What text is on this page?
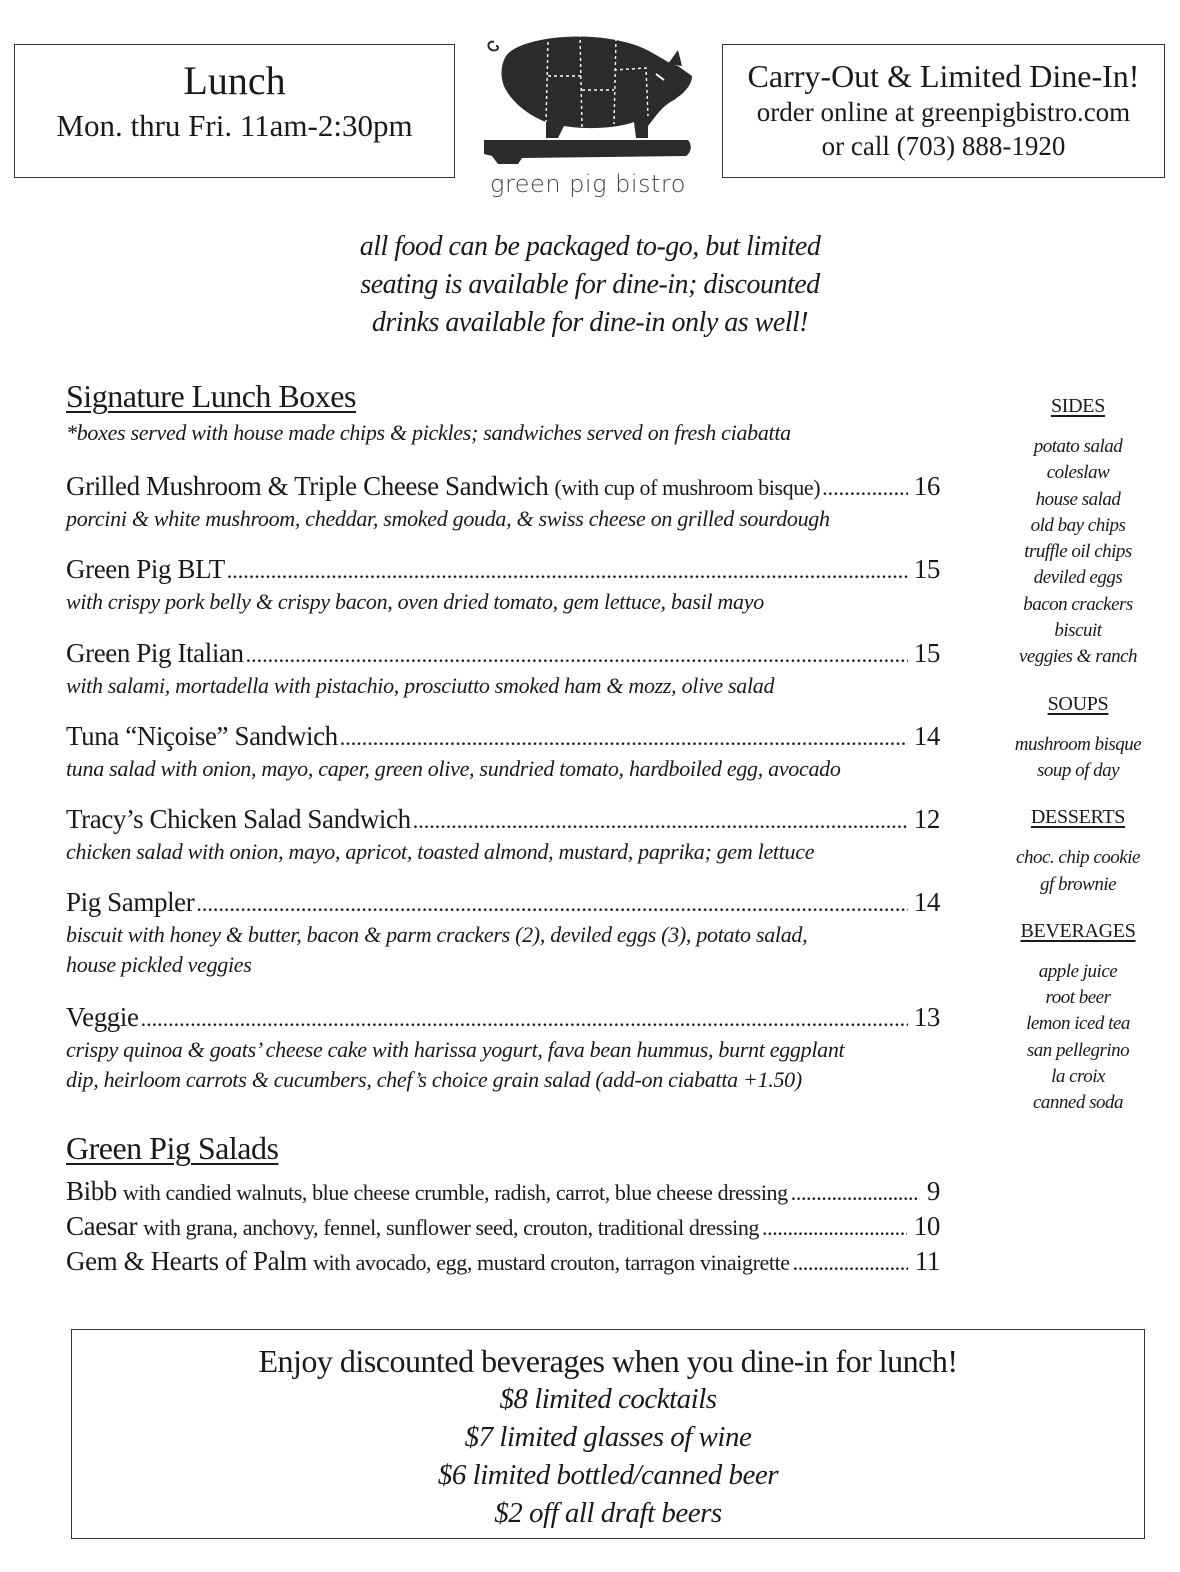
Lunch
Mon. thru Fri. 11am-2:30pm
green pig bistro
Carry-Out & Limited Dine-In!
order online at greenpigbistro.com
or call (703) 888-1920
all food can be packaged to-go, but limited
seating is available for dine-in; discounted
drinks available for dine-in only as well!
Signature Lunch Boxes
*boxes served with house made chips & pickles; sandwiches served on fresh ciabatta
Grilled Mushroom & Triple Cheese Sandwich (with cup of mushroom bisque) .....	16
porcini & white mushroom, cheddar, smoked gouda, & swiss cheese on grilled sourdough
Green Pig BLT .....	15
with crispy pork belly & crispy bacon, oven dried tomato, gem lettuce, basil mayo
Green Pig Italian .....	15
with salami, mortadella with pistachio, prosciutto smoked ham & mozz, olive salad
Tuna “Niçoise” Sandwich .....	14
tuna salad with onion, mayo, caper, green olive, sundried tomato, hardboiled egg, avocado
Tracy’s Chicken Salad Sandwich .....	12
chicken salad with onion, mayo, apricot, toasted almond, mustard, paprika; gem lettuce
Pig Sampler .....	14
biscuit with honey & butter, bacon & parm crackers (2), deviled eggs (3), potato salad,
house pickled veggies
Veggie .....	13
crispy quinoa & goats’ cheese cake with harissa yogurt, fava bean hummus, burnt eggplant
dip, heirloom carrots & cucumbers, chef’s choice grain salad (add-on ciabatta +1.50)
Green Pig Salads
Bibb with candied walnuts, blue cheese crumble, radish, carrot, blue cheese dressing .....	9
Caesar with grana, anchovy, fennel, sunflower seed, crouton, traditional dressing .....	10
Gem & Hearts of Palm with avocado, egg, mustard crouton, tarragon vinaigrette .....	11
SIDES
potato salad
coleslaw
house salad
old bay chips
truffle oil chips
deviled eggs
bacon crackers
biscuit
veggies & ranch
SOUPS
mushroom bisque
soup of day
DESSERTS
choc. chip cookie
gf brownie
BEVERAGES
apple juice
root beer
lemon iced tea
san pellegrino
la croix
canned soda
Enjoy discounted beverages when you dine-in for lunch!
$8 limited cocktails
$7 limited glasses of wine
$6 limited bottled/canned beer
$2 off all draft beers
